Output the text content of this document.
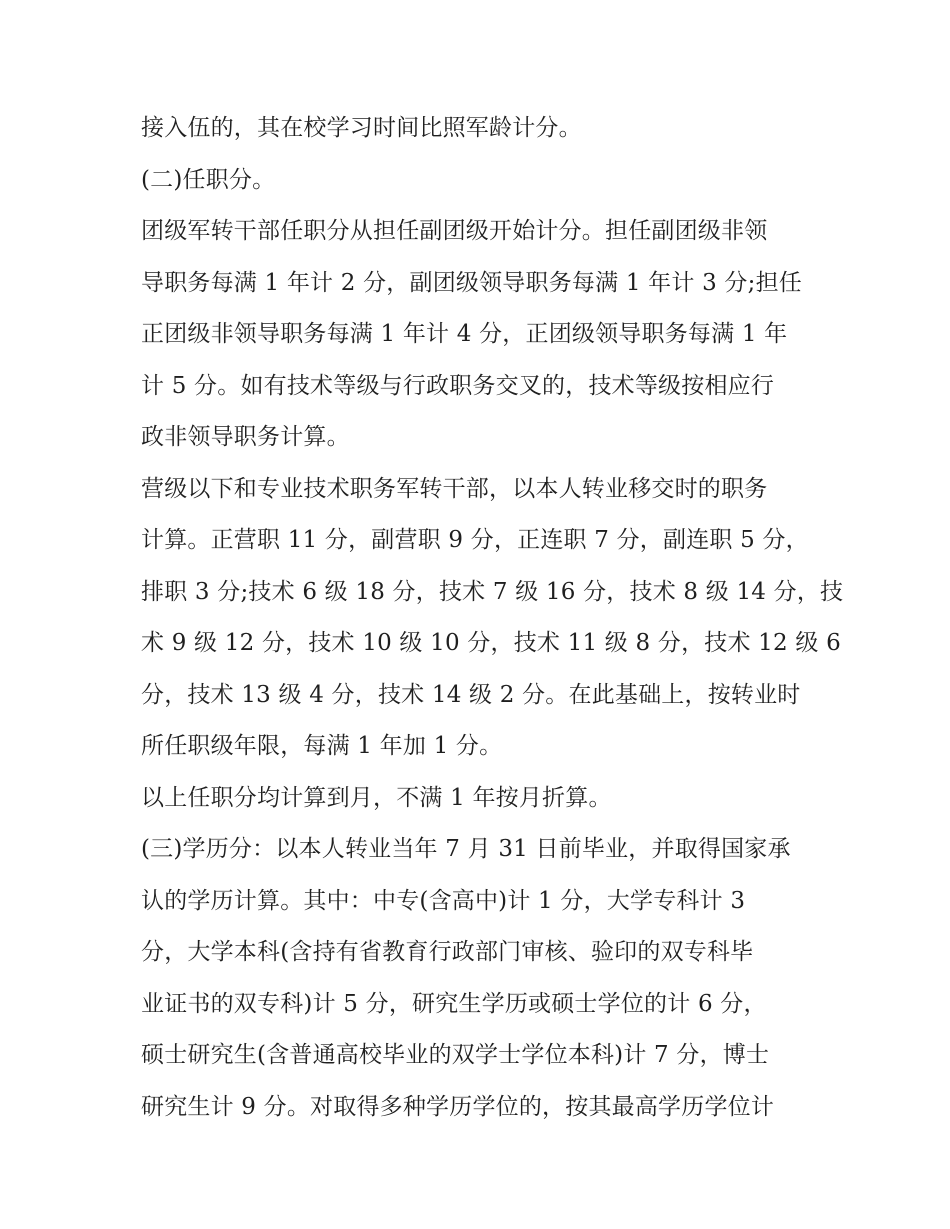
接入伍的，其在校学习时间比照军龄计分。
(二)任职分。
团级军转干部任职分从担任副团级开始计分。担任副团级非领
导职务每满 1 年计 2 分，副团级领导职务每满 1 年计 3 分;担任
正团级非领导职务每满 1 年计 4 分，正团级领导职务每满 1 年
计 5 分。如有技术等级与行政职务交叉的，技术等级按相应行
政非领导职务计算。
营级以下和专业技术职务军转干部，以本人转业移交时的职务
计算。正营职 11 分，副营职 9 分，正连职 7 分，副连职 5 分，
排职 3 分;技术 6 级 18 分，技术 7 级 16 分，技术 8 级 14 分，技
术 9 级 12 分，技术 10 级 10 分，技术 11 级 8 分，技术 12 级 6
分，技术 13 级 4 分，技术 14 级 2 分。在此基础上，按转业时
所任职级年限，每满 1 年加 1 分。
以上任职分均计算到月，不满 1 年按月折算。
(三)学历分：以本人转业当年 7 月 31 日前毕业，并取得国家承
认的学历计算。其中：中专(含高中)计 1 分，大学专科计 3
分，大学本科(含持有省教育行政部门审核、验印的双专科毕
业证书的双专科)计 5 分，研究生学历或硕士学位的计 6 分，
硕士研究生(含普通高校毕业的双学士学位本科)计 7 分，博士
研究生计 9 分。对取得多种学历学位的，按其最高学历学位计
